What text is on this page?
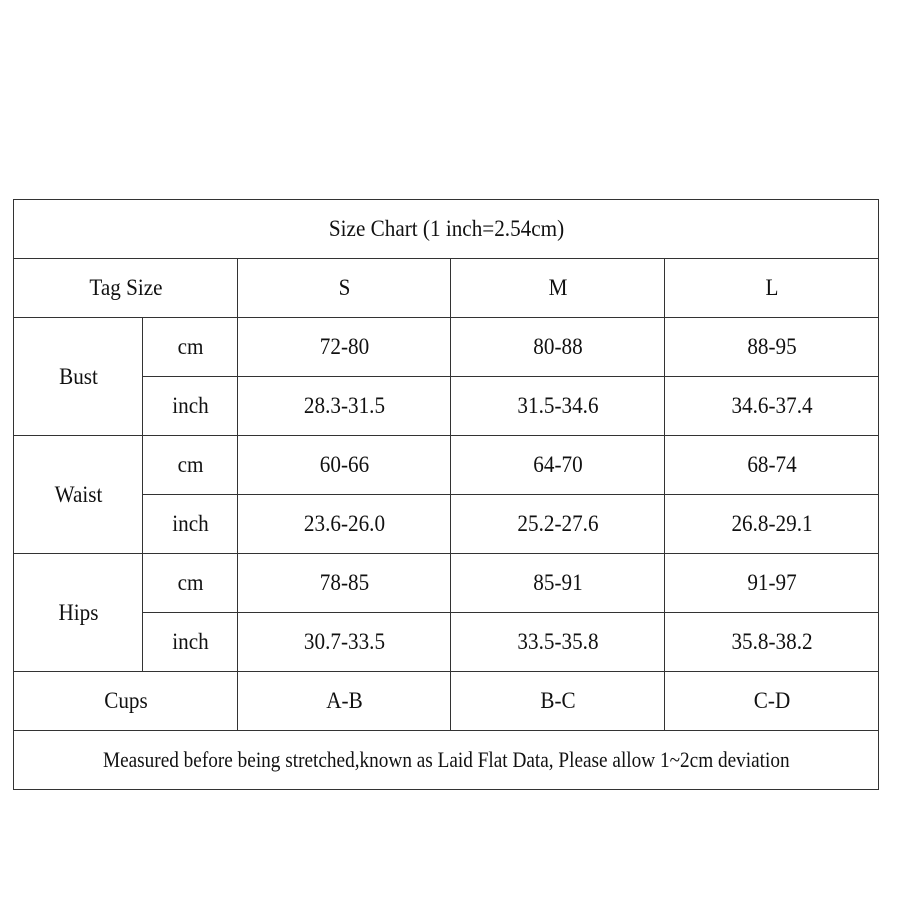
Size Chart (1 inch=2.54cm)				
Tag Size		S	M	L
Bust	cm	72-80	80-88	88-95
	inch	28.3-31.5	31.5-34.6	34.6-37.4
Waist	cm	60-66	64-70	68-74
	inch	23.6-26.0	25.2-27.6	26.8-29.1
Hips	cm	78-85	85-91	91-97
	inch	30.7-33.5	33.5-35.8	35.8-38.2
Cups		A-B	B-C	C-D
Measured before being stretched,known as Laid Flat Data, Please allow 1~2cm deviation				
